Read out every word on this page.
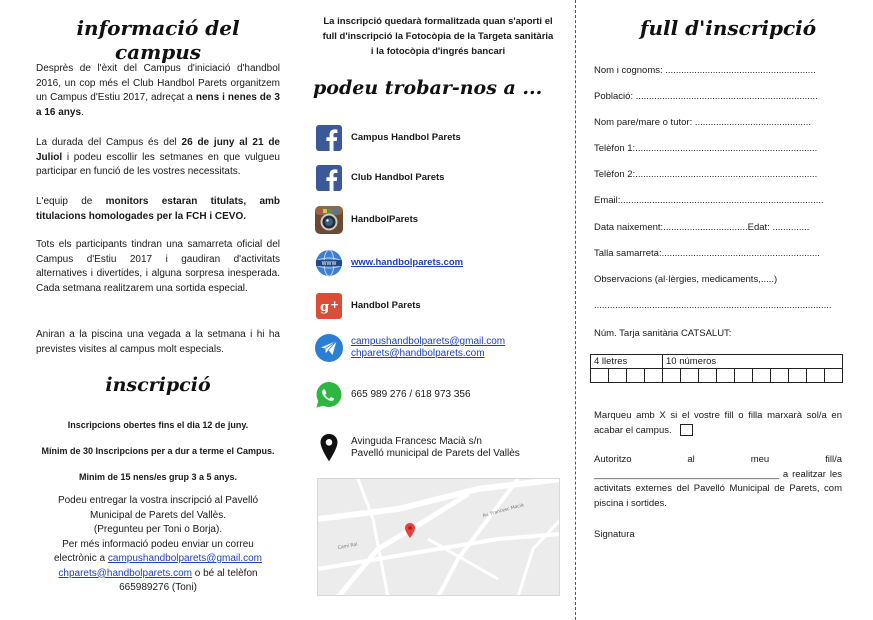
informació del campus

Desprès de l'èxit del Campus d'iniciació d'handbol 2016, un cop més el Club Handbol Parets organitzem un Campus d'Estiu 2017, adreçat a nens i nenes de 3 a 16 anys.

La durada del Campus és del 26 de juny al 21 de Juliol i podeu escollir les setmanes en que vulgueu participar en funció de les vostres necessitats.

L'equip de monitors estaran titulats, amb titulacions homologades per la FCH i CEVO.

Tots els participants tindran una samarreta oficial del Campus d'Estiu 2017 i gaudiran d'activitats alternatives i divertides, i alguna sorpresa inesperada. Cada setmana realitzarem una sortida especial.

Aniran a la piscina una vegada a la setmana i hi ha previstes visites al campus molt especials.

inscripció
Inscripcions obertes fins el dia 12 de juny.
Mínim de 30 Inscripcions per a dur a terme el Campus.
Minim de 15 nens/es grup 3 a 5 anys.
Podeu entregar la vostra inscripció al Pavelló
Municipal de Parets del Vallès.
(Pregunteu per Toni o Borja).
Per més informació podeu enviar un correu
electrònic a campushandbolparets@gmail.com
chparets@handbolparets.com o bé al telèfon
665989276 (Toni)
La inscripció quedarà formalitzada quan s'aporti el
full d'inscripció la Fotocòpia de la Targeta sanitària
i la fotocòpia d'ingrés bancari
podeu trobar-nos a ...
Campus Handbol Parets
Club Handbol Parets
HandbolParets
WWW www.handbolparets.com
g + Handbol Parets
campushandbolparets@gmail.com
chparets@handbolparets.com
665 989 276 / 618 973 356
Avinguda Francesc Macià s/n
Pavelló municipal de Parets del Vallès
Av. Francesc Macià
Camí Ral
full d'inscripció
Nom i cognoms: .........................................................
Població: .....................................................................
Nom pare/mare o tutor: ............................................
Telèfon 1:.....................................................................
Telèfon 2:.....................................................................
Email:.............................................................................
Data naixement:................................Edat: ..............
Talla samarreta:............................................................
Observacions (al·lèrgies, medicaments,.....)
..........................................................................................
Núm. Tarja sanitària CATSALUT:
4 lletres				10 números									

Marqueu amb X si el vostre fill o filla marxarà sol/a en acabar el campus.

Autoritzo al meu fill/a ___________________________________ a realitzar les activitats externes del Pavelló Municipal de Parets, com piscina i sortides.

Signatura
